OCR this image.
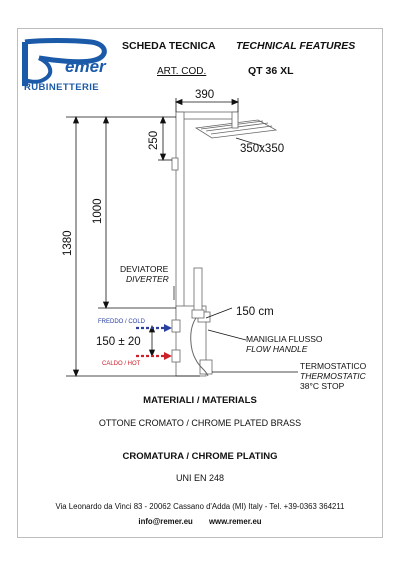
emer
RUBINETTERIE
SCHEDA TECNICA TECHNICAL FEATURES
ART. COD.	QT 36 XL
390
350x350
250
1000
1380
150 cm
150 ± 20
DEVIATORE
DIVERTER
FREDDO / COLD
CALDO / HOT
MANIGLIA FLUSSO
FLOW HANDLE
TERMOSTATICO
THERMOSTATIC
38°C STOP
MATERIALI / MATERIALS
OTTONE CROMATO / CHROME PLATED BRASS
CROMATURA / CHROME PLATING
UNI EN 248
Via Leonardo da Vinci 83 - 20062 Cassano d'Adda (MI) Italy - Tel. +39-0363 364211
info@remer.eu www.remer.eu
